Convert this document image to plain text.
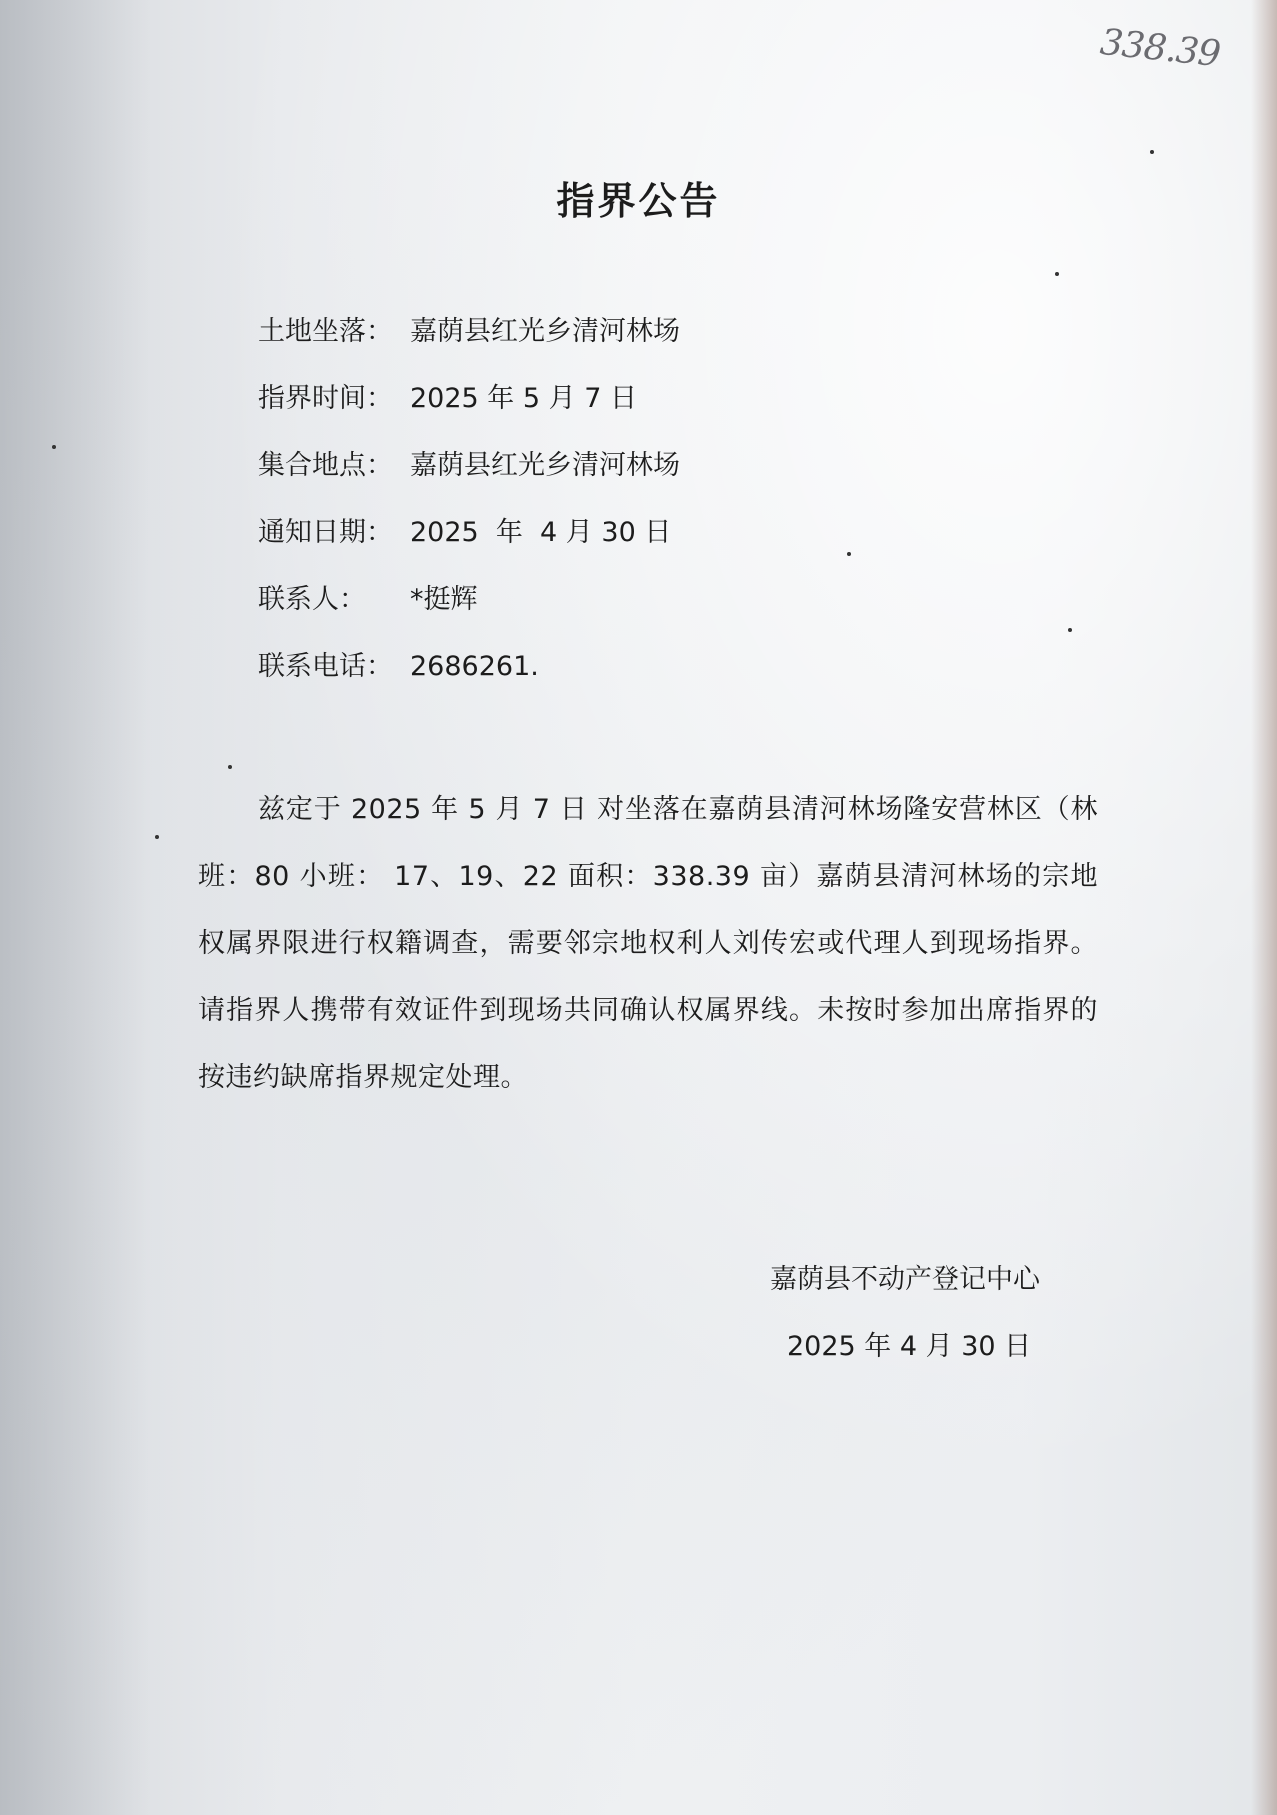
338.39
指界公告
土地坐落： 嘉荫县红光乡清河林场
指界时间： 2025 年 5 月 7 日
集合地点： 嘉荫县红光乡清河林场
通知日期： 2025  年  4 月 30 日
联系人： *挺辉
联系电话： 2686261.
兹定于 2025 年 5 月 7 日 对坐落在嘉荫县清河林场隆安营林区（林班：80 小班： 17、19、22 面积：338.39 亩）嘉荫县清河林场的宗地权属界限进行权籍调查，需要邻宗地权利人刘传宏或代理人到现场指界。请指界人携带有效证件到现场共同确认权属界线。未按时参加出席指界的按违约缺席指界规定处理。
嘉荫县不动产登记中心
2025 年 4 月 30 日
